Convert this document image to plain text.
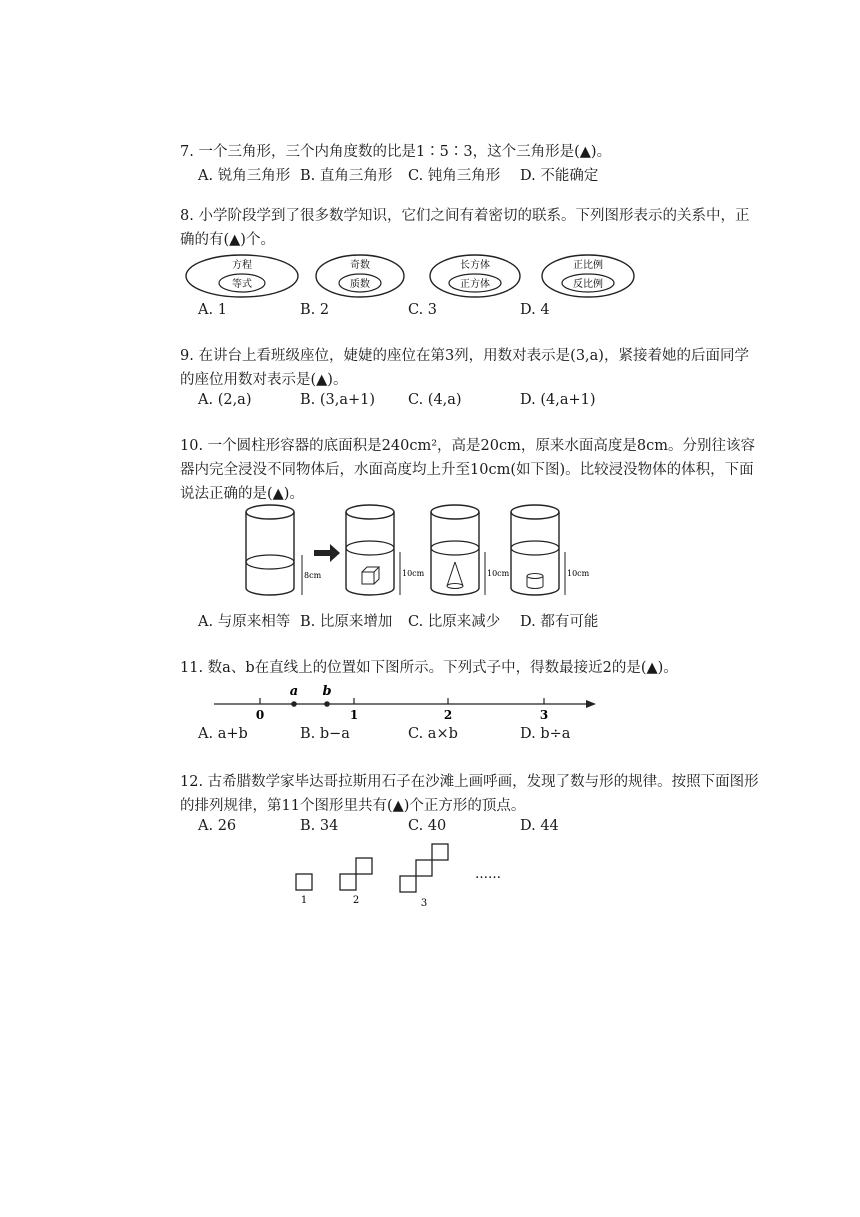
7. 一个三角形，三个内角度数的比是1∶5∶3，这个三角形是(▲)。

A. 锐角三角形 B. 直角三角形 C. 钝角三角形 D. 不能确定

8. 小学阶段学到了很多数学知识，它们之间有着密切的联系。下列图形表示的关系中，正确的有(▲)个。

方程
等式
奇数
质数
长方体
正方体
正比例
反比例
A. 1	B. 2	C. 3	D. 4

9. 在讲台上看班级座位，婕婕的座位在第3列，用数对表示是(3,a)，紧接着她的后面同学的座位用数对表示是(▲)。

A. (2,a)	B. (3,a+1) C. (4,a)	D. (4,a+1)

10. 一个圆柱形容器的底面积是240cm²，高是20cm，原来水面高度是8cm。分别往该容器内完全浸没不同物体后，水面高度均上升至10cm(如下图)。比较浸没物体的体积，下面说法正确的是(▲)。

8cm	10cm	10cm	10cm
A. 与原来相等 B. 比原来增加 C. 比原来减少 D. 都有可能

11. 数a、b在直线上的位置如下图所示。下列式子中，得数最接近2的是(▲)。

0	1	2	3
a b
A. a+b	B. b−a	C. a×b	D. b÷a

12. 古希腊数学家毕达哥拉斯用石子在沙滩上画呼画，发现了数与形的规律。按照下面图形的排列规律，第11个图形里共有(▲)个正方形的顶点。

A. 26	B. 34	C. 40	D. 44
1	2	3
……
